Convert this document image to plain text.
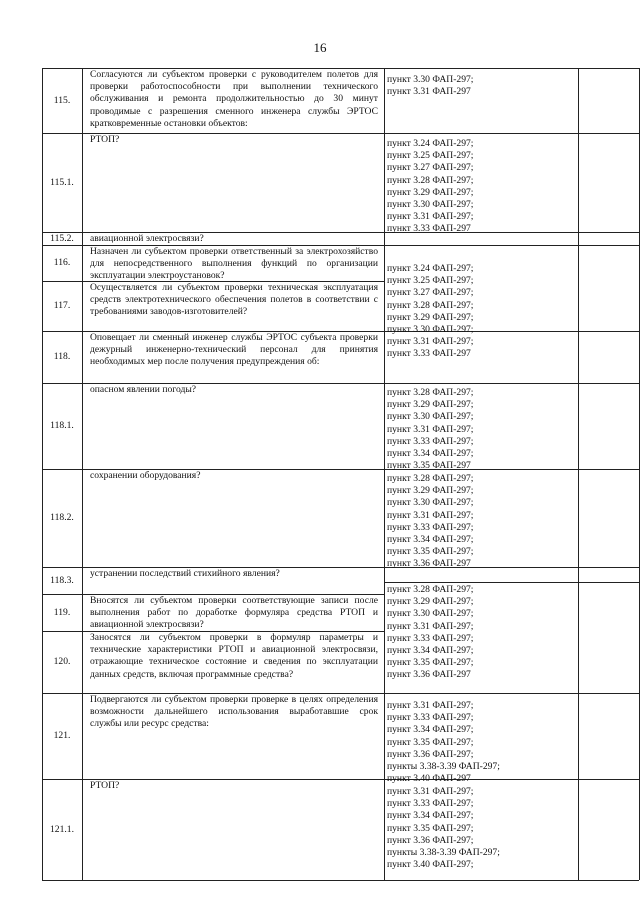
16
115.
Согласуются ли субъектом проверки с руководителем полетов для проверки работоспособности при выполнении технического обслуживания и ремонта продолжительностью до 30 минут проводимые с разрешения сменного инженера службы ЭРТОС кратковременные остановки объектов:
115.1.
РТОП?
115.2.	авиационной электросвязи?
116.
Назначен ли субъектом проверки ответственный за электрохозяйство для непосредственного выполнения функций по организации эксплуатации электроустановок?
117.
Осуществляется ли субъектом проверки техническая эксплуатация средств электротехнического обеспечения полетов в соответствии с требованиями заводов-изготовителей?
118.
Оповещает ли сменный инженер службы ЭРТОС субъекта проверки дежурный инженерно-технический персонал для принятия необходимых мер после получения предупреждения об:
118.1.
опасном явлении погоды?
118.2.
сохранении оборудования?
118.3.
устранении последствий стихийного явления?
119.
Вносятся ли субъектом проверки соответствующие записи после выполнения работ по доработке формуляра средства РТОП и авиационной электросвязи?
120.
Заносятся ли субъектом проверки в формуляр параметры и технические характеристики РТОП и авиационной электросвязи, отражающие техническое состояние и сведения по эксплуатации данных средств, включая программные средства?
121.
Подвергаются ли субъектом проверки проверке в целях определения возможности дальнейшего использования выработавшие срок службы или ресурс средства:
121.1.
РТОП?
пункт 3.30 ФАП-297;
пункт 3.31 ФАП-297
пункт 3.24 ФАП-297;
пункт 3.25 ФАП-297;
пункт 3.27 ФАП-297;
пункт 3.28 ФАП-297;
пункт 3.29 ФАП-297;
пункт 3.30 ФАП-297;
пункт 3.31 ФАП-297;
пункт 3.33 ФАП-297
пункт 3.24 ФАП-297;
пункт 3.25 ФАП-297;
пункт 3.27 ФАП-297;
пункт 3.28 ФАП-297;
пункт 3.29 ФАП-297;
пункт 3.30 ФАП-297;
пункт 3.31 ФАП-297;
пункт 3.33 ФАП-297
пункт 3.28 ФАП-297;
пункт 3.29 ФАП-297;
пункт 3.30 ФАП-297;
пункт 3.31 ФАП-297;
пункт 3.33 ФАП-297;
пункт 3.34 ФАП-297;
пункт 3.35 ФАП-297
пункт 3.28 ФАП-297;
пункт 3.29 ФАП-297;
пункт 3.30 ФАП-297;
пункт 3.31 ФАП-297;
пункт 3.33 ФАП-297;
пункт 3.34 ФАП-297;
пункт 3.35 ФАП-297;
пункт 3.36 ФАП-297
пункт 3.28 ФАП-297;
пункт 3.29 ФАП-297;
пункт 3.30 ФАП-297;
пункт 3.31 ФАП-297;
пункт 3.33 ФАП-297;
пункт 3.34 ФАП-297;
пункт 3.35 ФАП-297;
пункт 3.36 ФАП-297
пункт 3.31 ФАП-297;
пункт 3.33 ФАП-297;
пункт 3.34 ФАП-297;
пункт 3.35 ФАП-297;
пункт 3.36 ФАП-297;
пункты 3.38-3.39 ФАП-297;
пункт 3.40 ФАП-297
пункт 3.31 ФАП-297;
пункт 3.33 ФАП-297;
пункт 3.34 ФАП-297;
пункт 3.35 ФАП-297;
пункт 3.36 ФАП-297;
пункты 3.38-3.39 ФАП-297;
пункт 3.40 ФАП-297;
